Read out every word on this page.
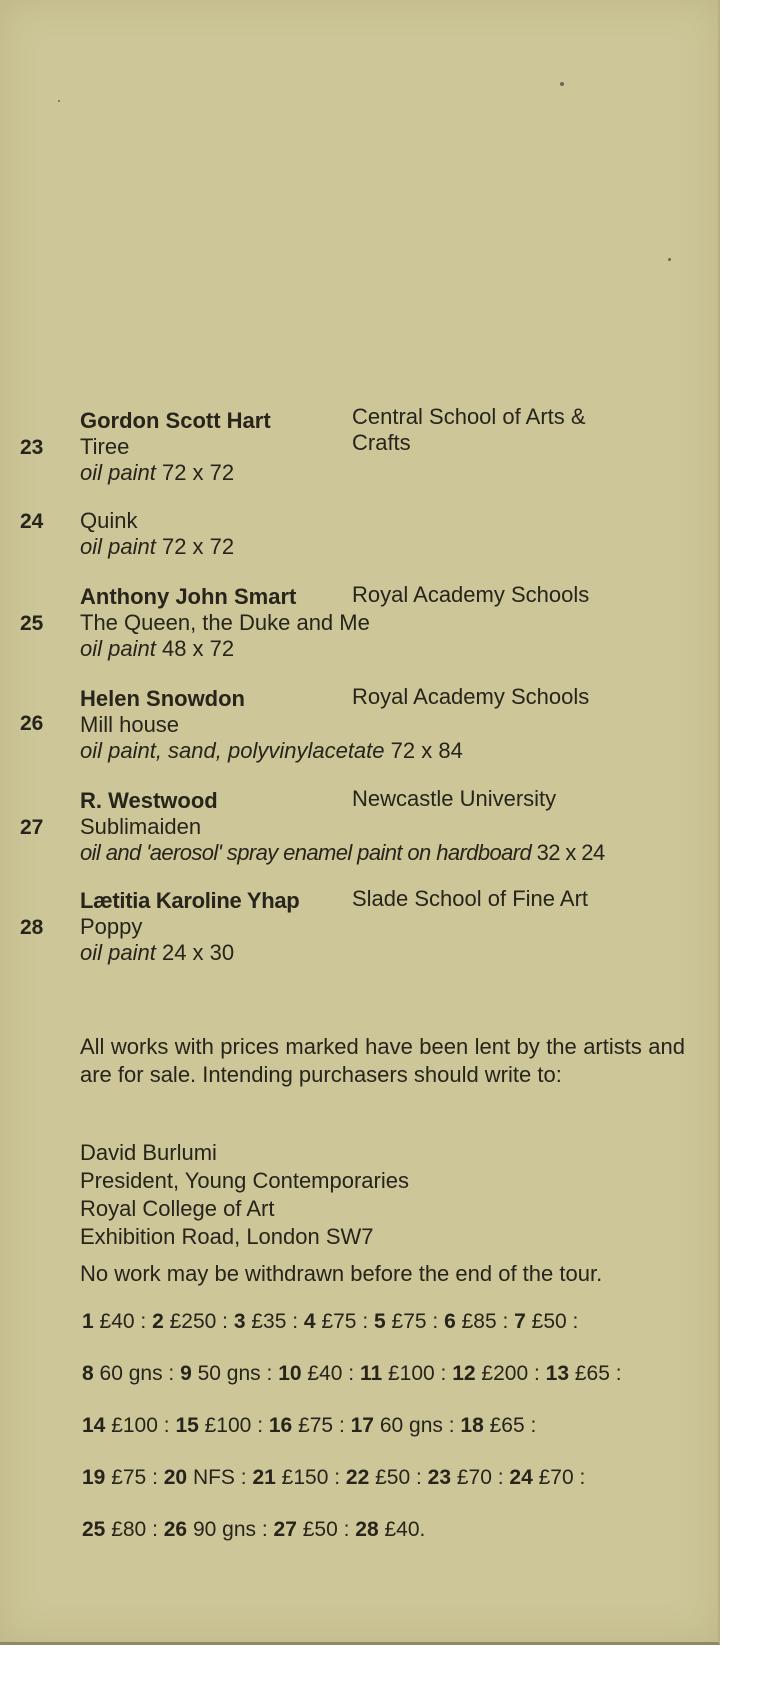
Gordon Scott Hart	Central School of Arts & Crafts
23 Tiree
oil paint 72 x 72
24 Quink
oil paint 72 x 72
Anthony John Smart	Royal Academy Schools
25 The Queen, the Duke and Me
oil paint 48 x 72
Helen Snowdon	Royal Academy Schools
26 Mill house
oil paint, sand, polyvinylacetate 72 x 84
R. Westwood	Newcastle University
27 Sublimaiden
oil and 'aerosol' spray enamel paint on hardboard 32 x 24
Lætitia Karoline Yhap Slade School of Fine Art
28 Poppy
oil paint 24 x 30
All works with prices marked have been lent by the artists and are for sale. Intending purchasers should write to:
David Burlumi
President, Young Contemporaries
Royal College of Art
Exhibition Road, London SW7
No work may be withdrawn before the end of the tour.
1 £40 : 2 £250 : 3 £35 : 4 £75 : 5 £75 : 6 £85 : 7 £50 :
8 60 gns : 9 50 gns : 10 £40 : 11 £100 : 12 £200 : 13 £65 :
14 £100 : 15 £100 : 16 £75 : 17 60 gns : 18 £65 :
19 £75 : 20 NFS : 21 £150 : 22 £50 : 23 £70 : 24 £70 :
25 £80 : 26 90 gns : 27 £50 : 28 £40.
